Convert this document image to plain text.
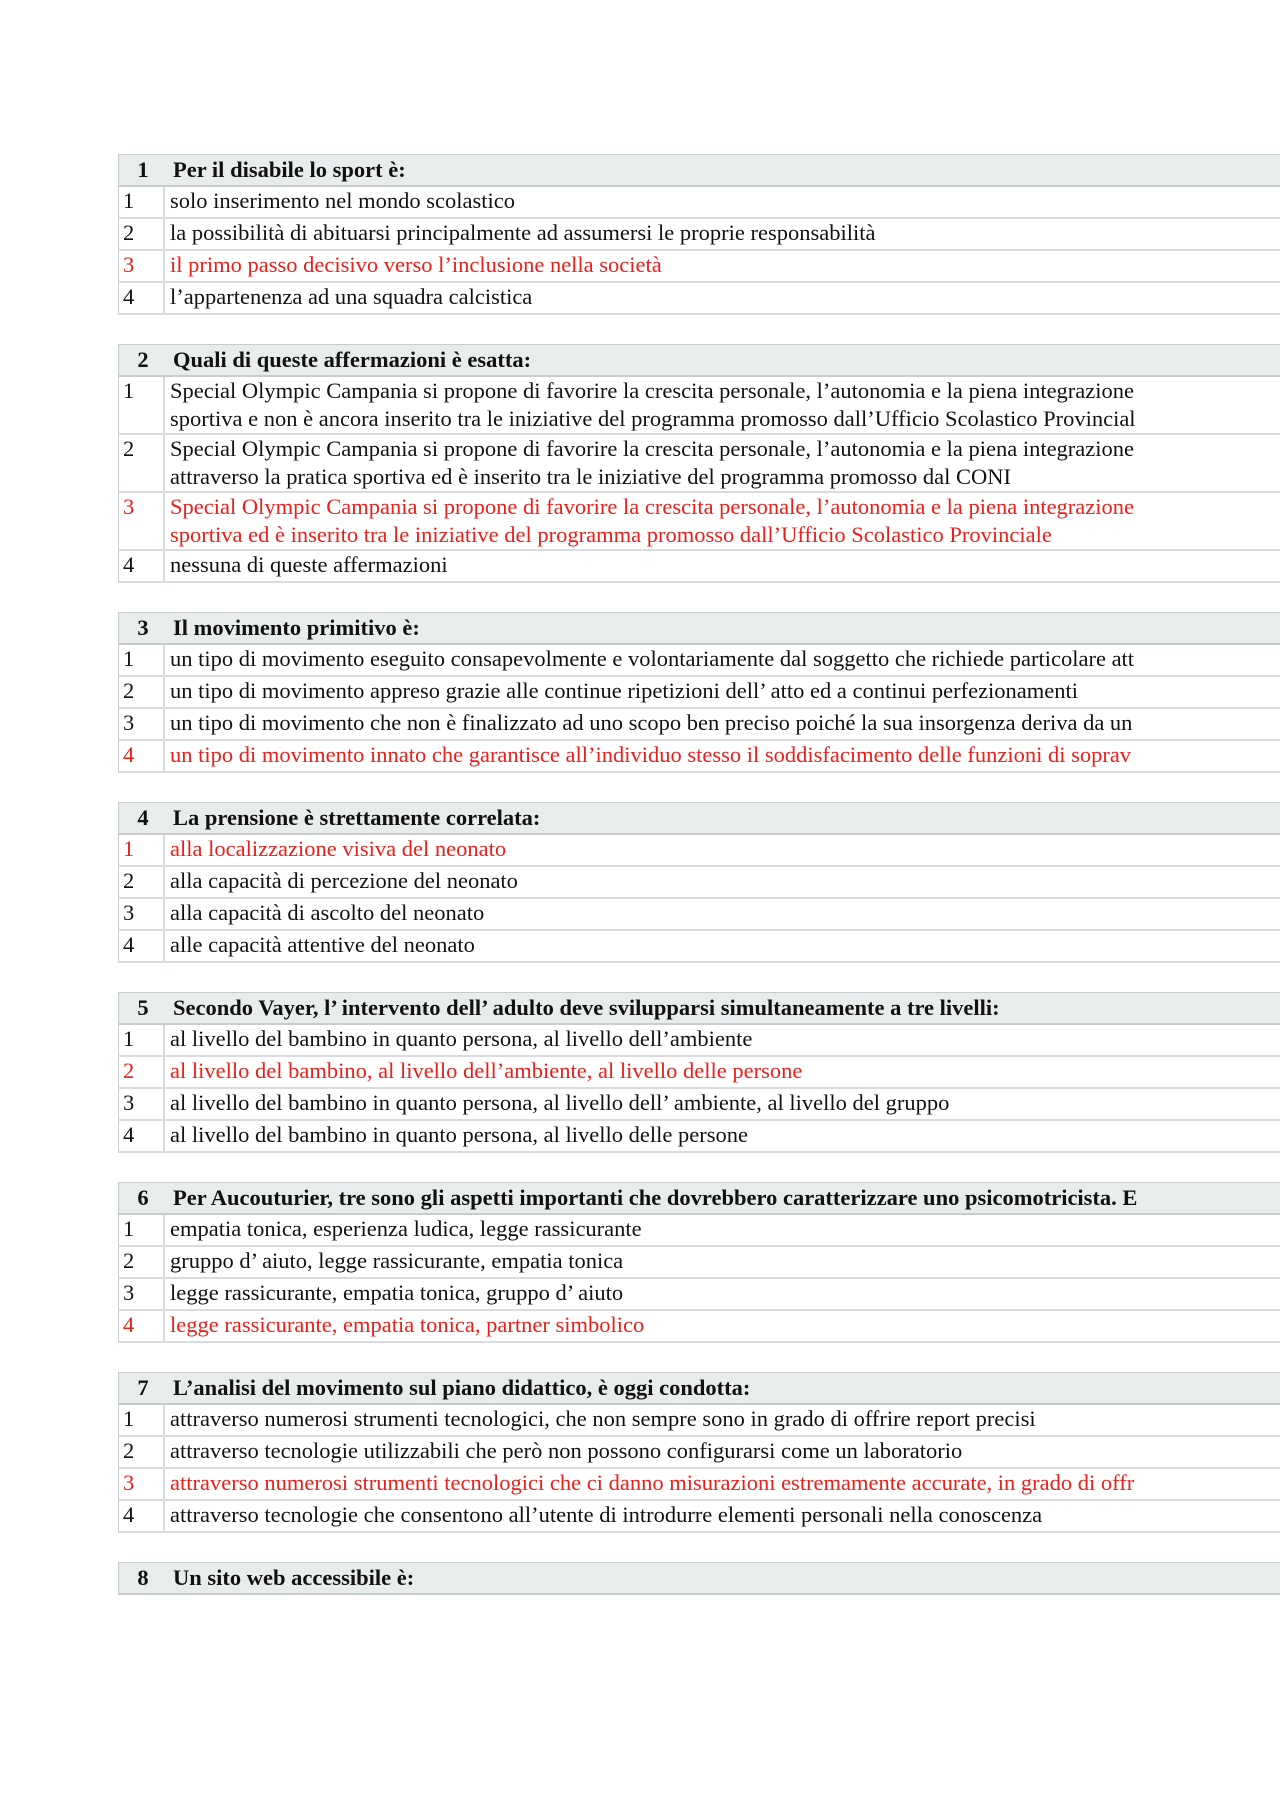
1	Per il disabile lo sport è:
1	solo inserimento nel mondo scolastico
2	la possibilità di abituarsi principalmente ad assumersi le proprie responsabilità
3	il primo passo decisivo verso l’inclusione nella società
4	l’appartenenza ad una squadra calcistica
2	Quali di queste affermazioni è esatta:
1	Special Olympic Campania si propone di favorire la crescita personale, l’autonomia e la piena integrazione
sportiva e non è ancora inserito tra le iniziative del programma promosso dall’Ufficio Scolastico Provincial
2	Special Olympic Campania si propone di favorire la crescita personale, l’autonomia e la piena integrazione
attraverso la pratica sportiva ed è inserito tra le iniziative del programma promosso dal CONI
3	Special Olympic Campania si propone di favorire la crescita personale, l’autonomia e la piena integrazione
sportiva ed è inserito tra le iniziative del programma promosso dall’Ufficio Scolastico Provinciale
4	nessuna di queste affermazioni
3	Il movimento primitivo è:
1	un tipo di movimento eseguito consapevolmente e volontariamente dal soggetto che richiede particolare att
2	un tipo di movimento appreso grazie alle continue ripetizioni dell’ atto ed a continui perfezionamenti
3	un tipo di movimento che non è finalizzato ad uno scopo ben preciso poiché la sua insorgenza deriva da un
4	un tipo di movimento innato che garantisce all’individuo stesso il soddisfacimento delle funzioni di soprav
4	La prensione è strettamente correlata:
1	alla localizzazione visiva del neonato
2	alla capacità di percezione del neonato
3	alla capacità di ascolto del neonato
4	alle capacità attentive del neonato
5	Secondo Vayer, l’ intervento dell’ adulto deve svilupparsi simultaneamente a tre livelli:
1	al livello del bambino in quanto persona, al livello dell’ambiente
2	al livello del bambino, al livello dell’ambiente, al livello delle persone
3	al livello del bambino in quanto persona, al livello dell’ ambiente, al livello del gruppo
4	al livello del bambino in quanto persona, al livello delle persone
6	Per Aucouturier, tre sono gli aspetti importanti che dovrebbero caratterizzare uno psicomotricista. E
1	empatia tonica, esperienza ludica, legge rassicurante
2	gruppo d’ aiuto, legge rassicurante, empatia tonica
3	legge rassicurante, empatia tonica, gruppo d’ aiuto
4	legge rassicurante, empatia tonica, partner simbolico
7	L’analisi del movimento sul piano didattico, è oggi condotta:
1	attraverso numerosi strumenti tecnologici, che non sempre sono in grado di offrire report precisi
2	attraverso tecnologie utilizzabili che però non possono configurarsi come un laboratorio
3	attraverso numerosi strumenti tecnologici che ci danno misurazioni estremamente accurate, in grado di offr
4	attraverso tecnologie che consentono all’utente di introdurre elementi personali nella conoscenza
8	Un sito web accessibile è:
